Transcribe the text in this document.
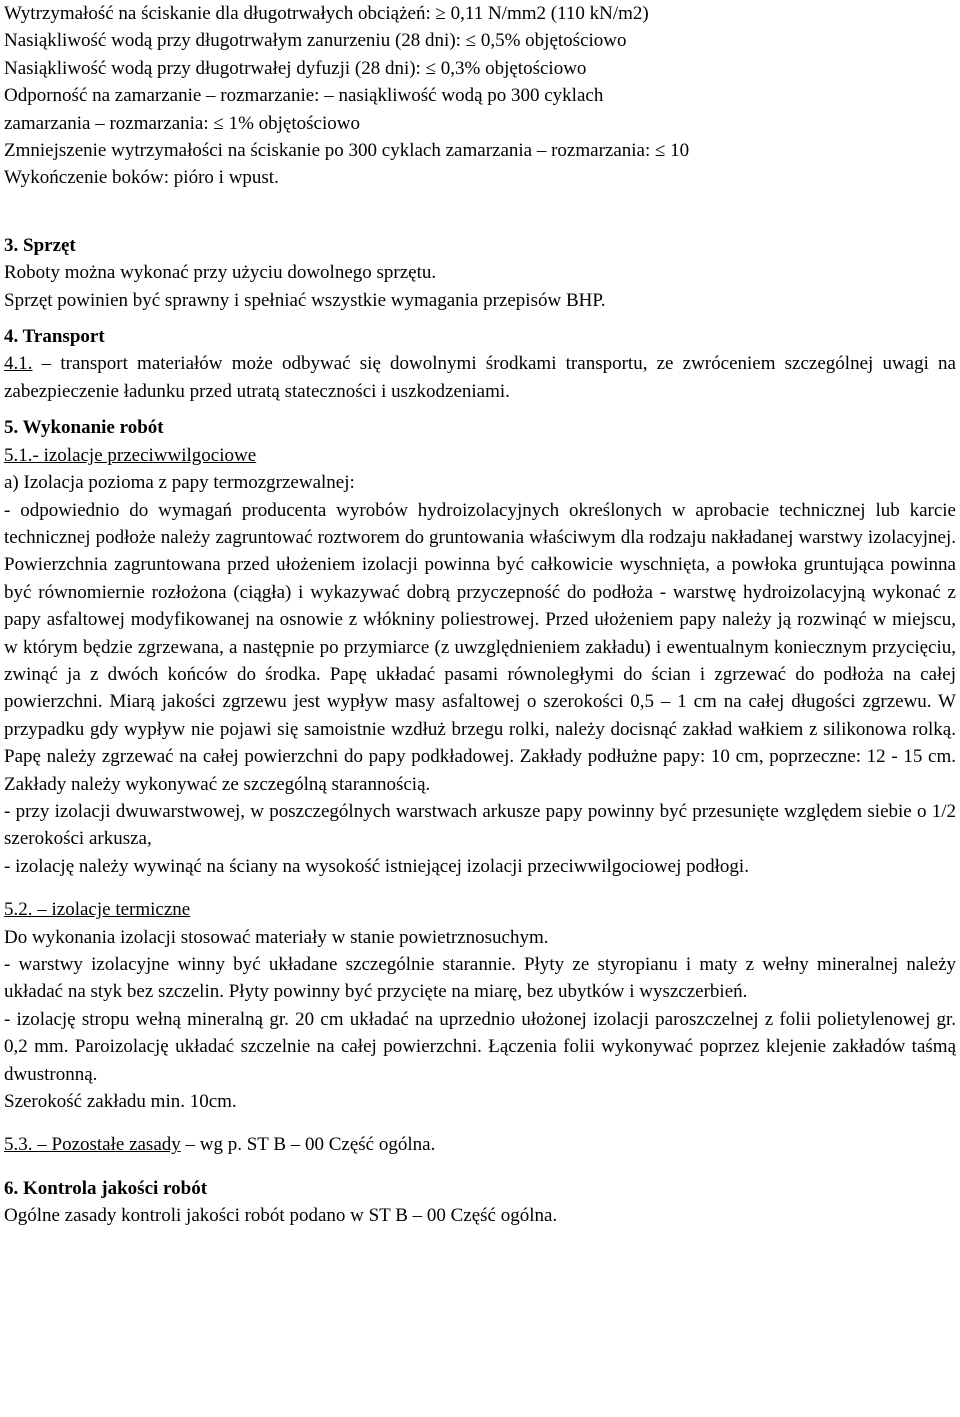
Wytrzymałość na ściskanie dla długotrwałych obciążeń: ≥ 0,11 N/mm2 (110 kN/m2)

Nasiąkliwość wodą przy długotrwałym zanurzeniu (28 dni): ≤ 0,5% objętościowo

Nasiąkliwość wodą przy długotrwałej dyfuzji (28 dni): ≤ 0,3% objętościowo

Odporność na zamarzanie – rozmarzanie: – nasiąkliwość wodą po 300 cyklach

zamarzania – rozmarzania: ≤ 1% objętościowo

Zmniejszenie wytrzymałości na ściskanie po 300 cyklach zamarzania – rozmarzania: ≤ 10

Wykończenie boków: pióro i wpust.

3. Sprzęt

Roboty można wykonać przy użyciu dowolnego sprzętu.

Sprzęt powinien być sprawny i spełniać wszystkie wymagania przepisów BHP.

4. Transport

4.1. – transport materiałów może odbywać się dowolnymi środkami transportu, ze zwróceniem szczególnej uwagi na zabezpieczenie ładunku przed utratą stateczności i uszkodzeniami.

5. Wykonanie robót

5.1.- izolacje przeciwwilgociowe

a) Izolacja pozioma z papy termozgrzewalnej:

- odpowiednio do wymagań producenta wyrobów hydroizolacyjnych określonych w aprobacie technicznej lub karcie technicznej podłoże należy zagruntować roztworem do gruntowania właściwym dla rodzaju nakładanej warstwy izolacyjnej. Powierzchnia zagruntowana przed ułożeniem izolacji powinna być całkowicie wyschnięta, a powłoka gruntująca powinna być równomiernie rozłożona (ciągła) i wykazywać dobrą przyczepność do podłoża - warstwę hydroizolacyjną wykonać z papy asfaltowej modyfikowanej na osnowie z włókniny poliestrowej. Przed ułożeniem papy należy ją rozwinąć w miejscu, w którym będzie zgrzewana, a następnie po przymiarce (z uwzględnieniem zakładu) i ewentualnym koniecznym przycięciu, zwinąć ja z dwóch końców do środka. Papę układać pasami równoległymi do ścian i zgrzewać do podłoża na całej powierzchni. Miarą jakości zgrzewu jest wypływ masy asfaltowej o szerokości 0,5 – 1 cm na całej długości zgrzewu. W przypadku gdy wypływ nie pojawi się samoistnie wzdłuż brzegu rolki, należy docisnąć zakład wałkiem z silikonowa rolką. Papę należy zgrzewać na całej powierzchni do papy podkładowej. Zakłady podłużne papy: 10 cm, poprzeczne: 12 - 15 cm. Zakłady należy wykonywać ze szczególną starannością.

- przy izolacji dwuwarstwowej, w poszczególnych warstwach arkusze papy powinny być przesunięte względem siebie o 1/2 szerokości arkusza,

- izolację należy wywinąć na ściany na wysokość istniejącej izolacji przeciwwilgociowej podłogi.

5.2. – izolacje termiczne

Do wykonania izolacji stosować materiały w stanie powietrznosuchym.

- warstwy izolacyjne winny być układane szczególnie starannie. Płyty ze styropianu i maty z wełny mineralnej należy układać na styk bez szczelin. Płyty powinny być przycięte na miarę, bez ubytków i wyszczerbień.

- izolację stropu wełną mineralną gr. 20 cm układać na uprzednio ułożonej izolacji paroszczelnej z folii polietylenowej gr. 0,2 mm. Paroizolację układać szczelnie na całej powierzchni. Łączenia folii wykonywać poprzez klejenie zakładów taśmą dwustronną.

Szerokość zakładu min. 10cm.

5.3. – Pozostałe zasady – wg p. ST B – 00 Część ogólna.

6. Kontrola jakości robót

Ogólne zasady kontroli jakości robót podano w ST B – 00 Część ogólna.
